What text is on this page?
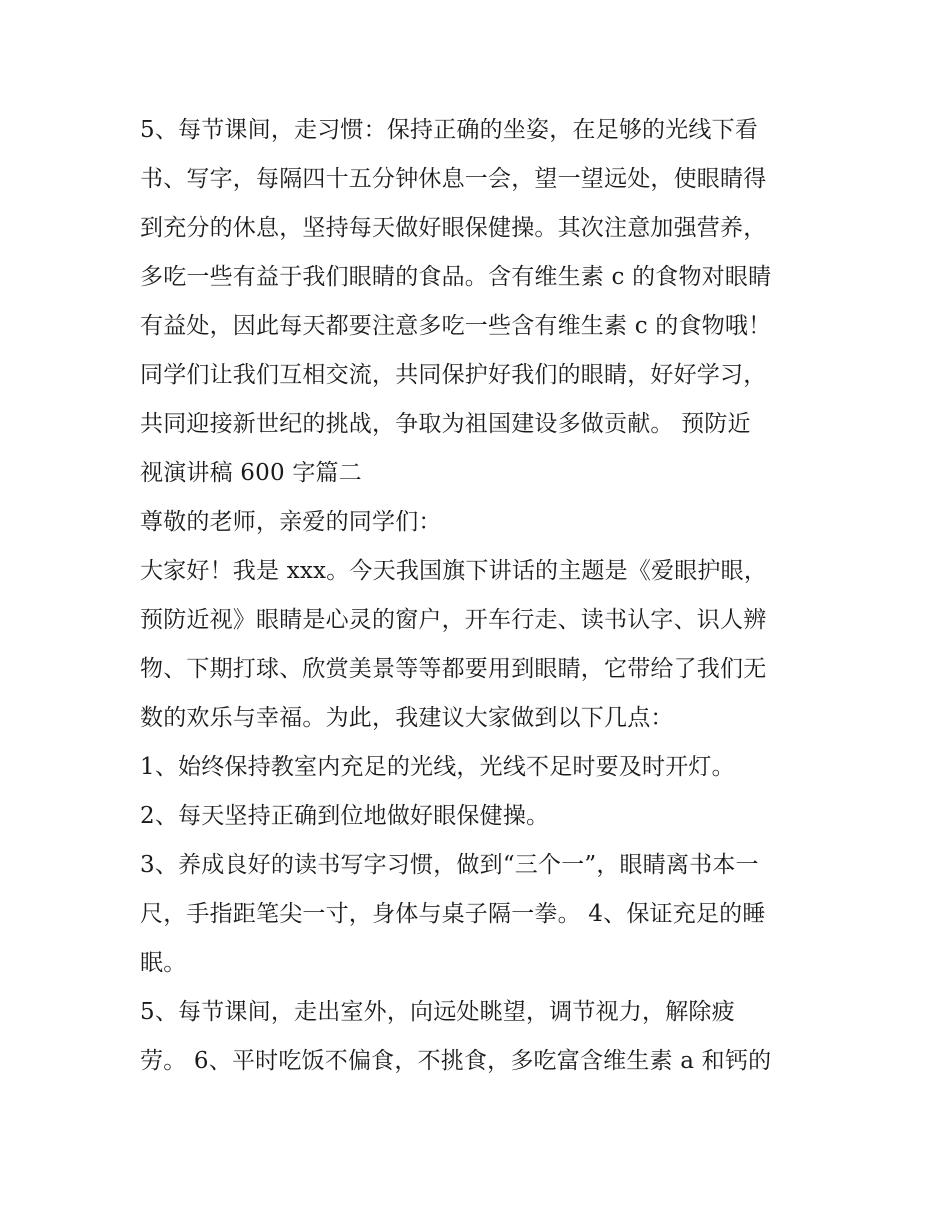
5、每节课间，走习惯：保持正确的坐姿，在足够的光线下看
书、写字，每隔四十五分钟休息一会，望一望远处，使眼睛得
到充分的休息，坚持每天做好眼保健操。其次注意加强营养，
多吃一些有益于我们眼睛的食品。含有维生素 c 的食物对眼睛
有益处，因此每天都要注意多吃一些含有维生素 c 的食物哦！
同学们让我们互相交流，共同保护好我们的眼睛，好好学习，
共同迎接新世纪的挑战，争取为祖国建设多做贡献。 预防近
视演讲稿 600 字篇二
尊敬的老师，亲爱的同学们：
大家好！我是 xxx。今天我国旗下讲话的主题是《爱眼护眼，
预防近视》眼睛是心灵的窗户，开车行走、读书认字、识人辨
物、下期打球、欣赏美景等等都要用到眼睛，它带给了我们无
数的欢乐与幸福。为此，我建议大家做到以下几点：
1、始终保持教室内充足的光线，光线不足时要及时开灯。
2、每天坚持正确到位地做好眼保健操。
3、养成良好的读书写字习惯，做到“三个一”，眼睛离书本一
尺，手指距笔尖一寸，身体与桌子隔一拳。 4、保证充足的睡
眠。
5、每节课间，走出室外，向远处眺望，调节视力，解除疲
劳。 6、平时吃饭不偏食，不挑食，多吃富含维生素 a 和钙的
